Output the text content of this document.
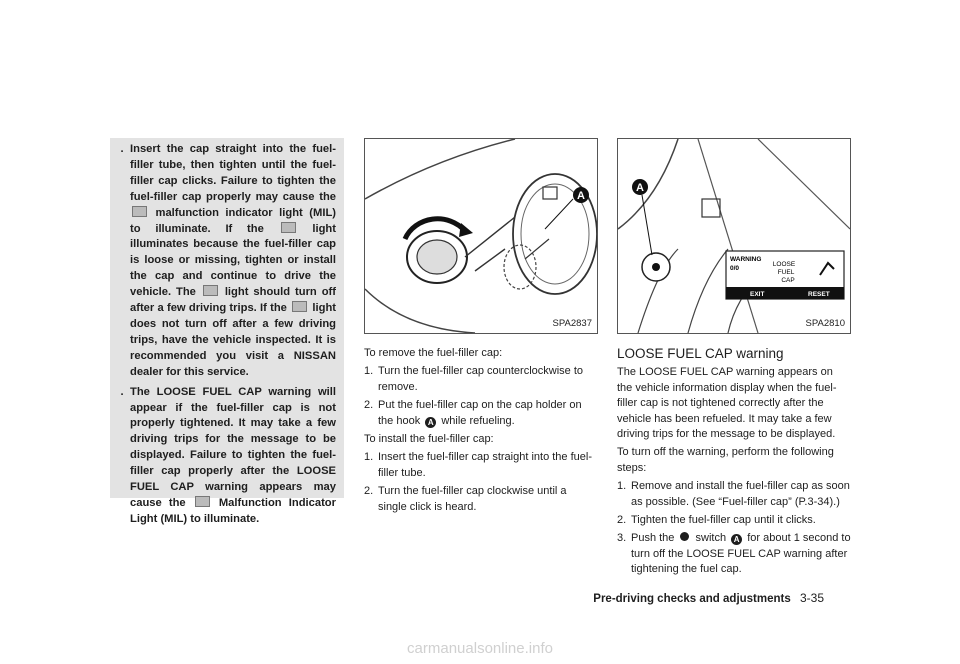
. Insert the cap straight into the fuel-filler tube, then tighten until the fuel-filler cap clicks. Failure to tighten the fuel-filler cap properly may cause the  malfunction indicator light (MIL) to illuminate. If the  light illuminates because the fuel-filler cap is loose or missing, tighten or install the cap and continue to drive the vehicle. The  light should turn off after a few driving trips. If the  light does not turn off after a few driving trips, have the vehicle inspected. It is recommended you visit a NISSAN dealer for this service.
. The LOOSE FUEL CAP warning will appear if the fuel-filler cap is not properly tightened. It may take a few driving trips for the message to be displayed. Failure to tighten the fuel-filler cap properly after the LOOSE FUEL CAP warning appears may cause the  Malfunction Indicator Light (MIL) to illuminate.
A
SPA2837
A
WARNING
0/0
LOOSE
FUEL
CAP
EXIT	RESET
SPA2810
To remove the fuel-filler cap:
1. Turn the fuel-filler cap counterclockwise to remove.
2. Put the fuel-filler cap on the cap holder on the hook A while refueling.
To install the fuel-filler cap:
1. Insert the fuel-filler cap straight into the fuel-filler tube.
2. Turn the fuel-filler cap clockwise until a single click is heard.
LOOSE FUEL CAP warning
The LOOSE FUEL CAP warning appears on the vehicle information display when the fuel-filler cap is not tightened correctly after the vehicle has been refueled. It may take a few driving trips for the message to be displayed.
To turn off the warning, perform the following steps:
1. Remove and install the fuel-filler cap as soon as possible. (See “Fuel-filler cap” (P.3-34).)
2. Tighten the fuel-filler cap until it clicks.
3. Push the  switch A for about 1 second to turn off the LOOSE FUEL CAP warning after tightening the fuel cap.
Pre-driving checks and adjustments 3-35
carmanualsonline.info
